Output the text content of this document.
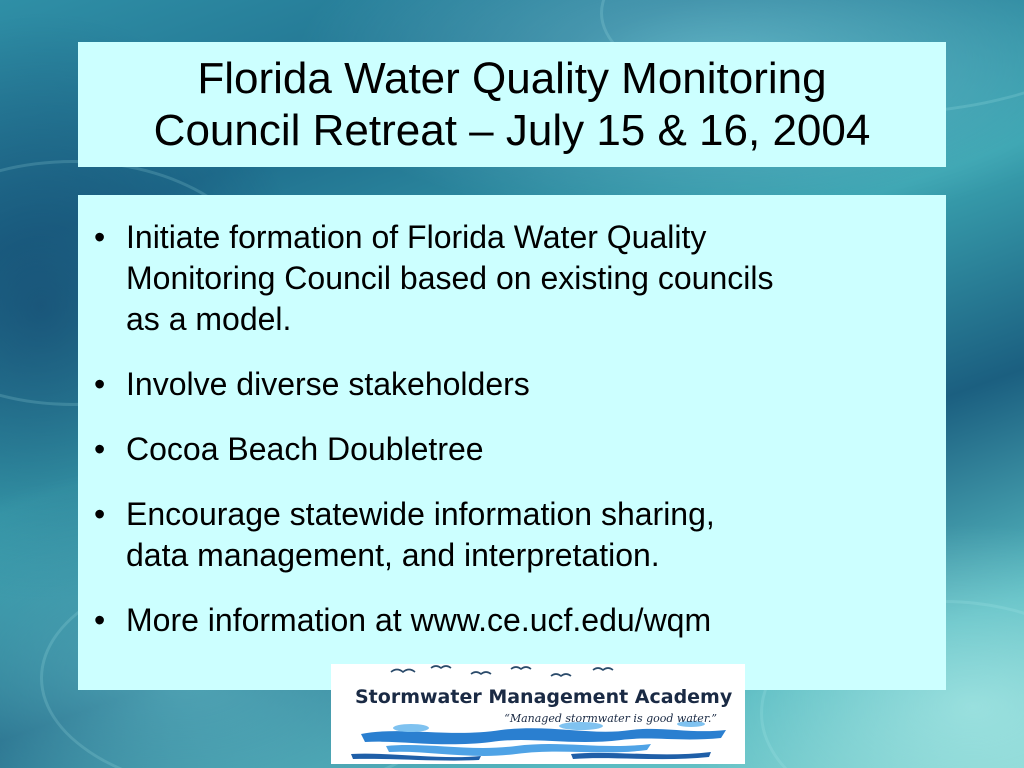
Florida Water Quality Monitoring
Council Retreat – July 15 & 16, 2004
• Initiate formation of Florida Water Quality
Monitoring Council based on existing councils
as a model.
• Involve diverse stakeholders
• Cocoa Beach Doubletree
• Encourage statewide information sharing,
data management, and interpretation.
• More information at www.ce.ucf.edu/wqm
Stormwater Management Academy
“Managed stormwater is good water.”
